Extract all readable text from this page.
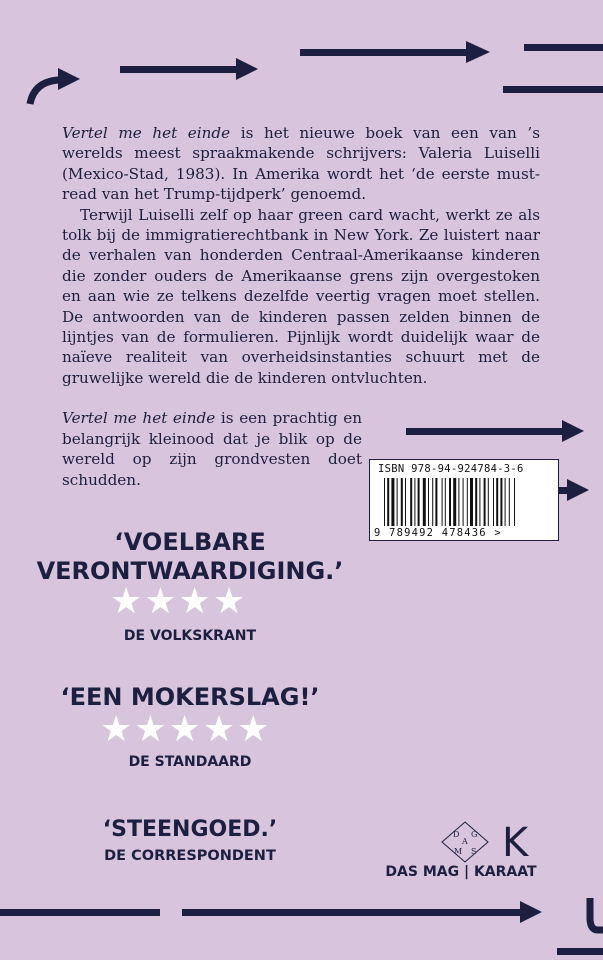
Vertel me het einde is het nieuwe boek van een van ’s werelds meest spraakmakende schrijvers: Valeria Luiselli (Mexico-Stad, 1983). In Amerika wordt het ‘de eerste must-read van het Trump-tijdperk’ genoemd.

Terwijl Luiselli zelf op haar green card wacht, werkt ze als tolk bij de immigratierechtbank in New York. Ze luistert naar de verhalen van honderden Centraal-Amerikaanse kinderen die zonder ouders de Amerikaanse grens zijn overgestoken en aan wie ze telkens dezelfde veertig vragen moet stellen. De antwoorden van de kinderen passen zelden binnen de lijntjes van de formulieren. Pijnlijk wordt duidelijk waar de naïeve realiteit van overheidsinstanties schuurt met de gruwelijke wereld die de kinderen ontvluchten.

Vertel me het einde is een prachtig en belangrijk kleinood dat je blik op de wereld op zijn grondvesten doet schudden.

ISBN 978-94-924784-3-6
9 789492 478436 >
‘VOELBARE VERONTWAARDIGING.’
★★★★
DE VOLKSKRANT
‘EEN MOKERSLAG!’
★★★★★
DE STANDAARD
‘STEENGOED.’
DE CORRESPONDENT
D
A
G
M S K
DAS MAG | KARAAT
